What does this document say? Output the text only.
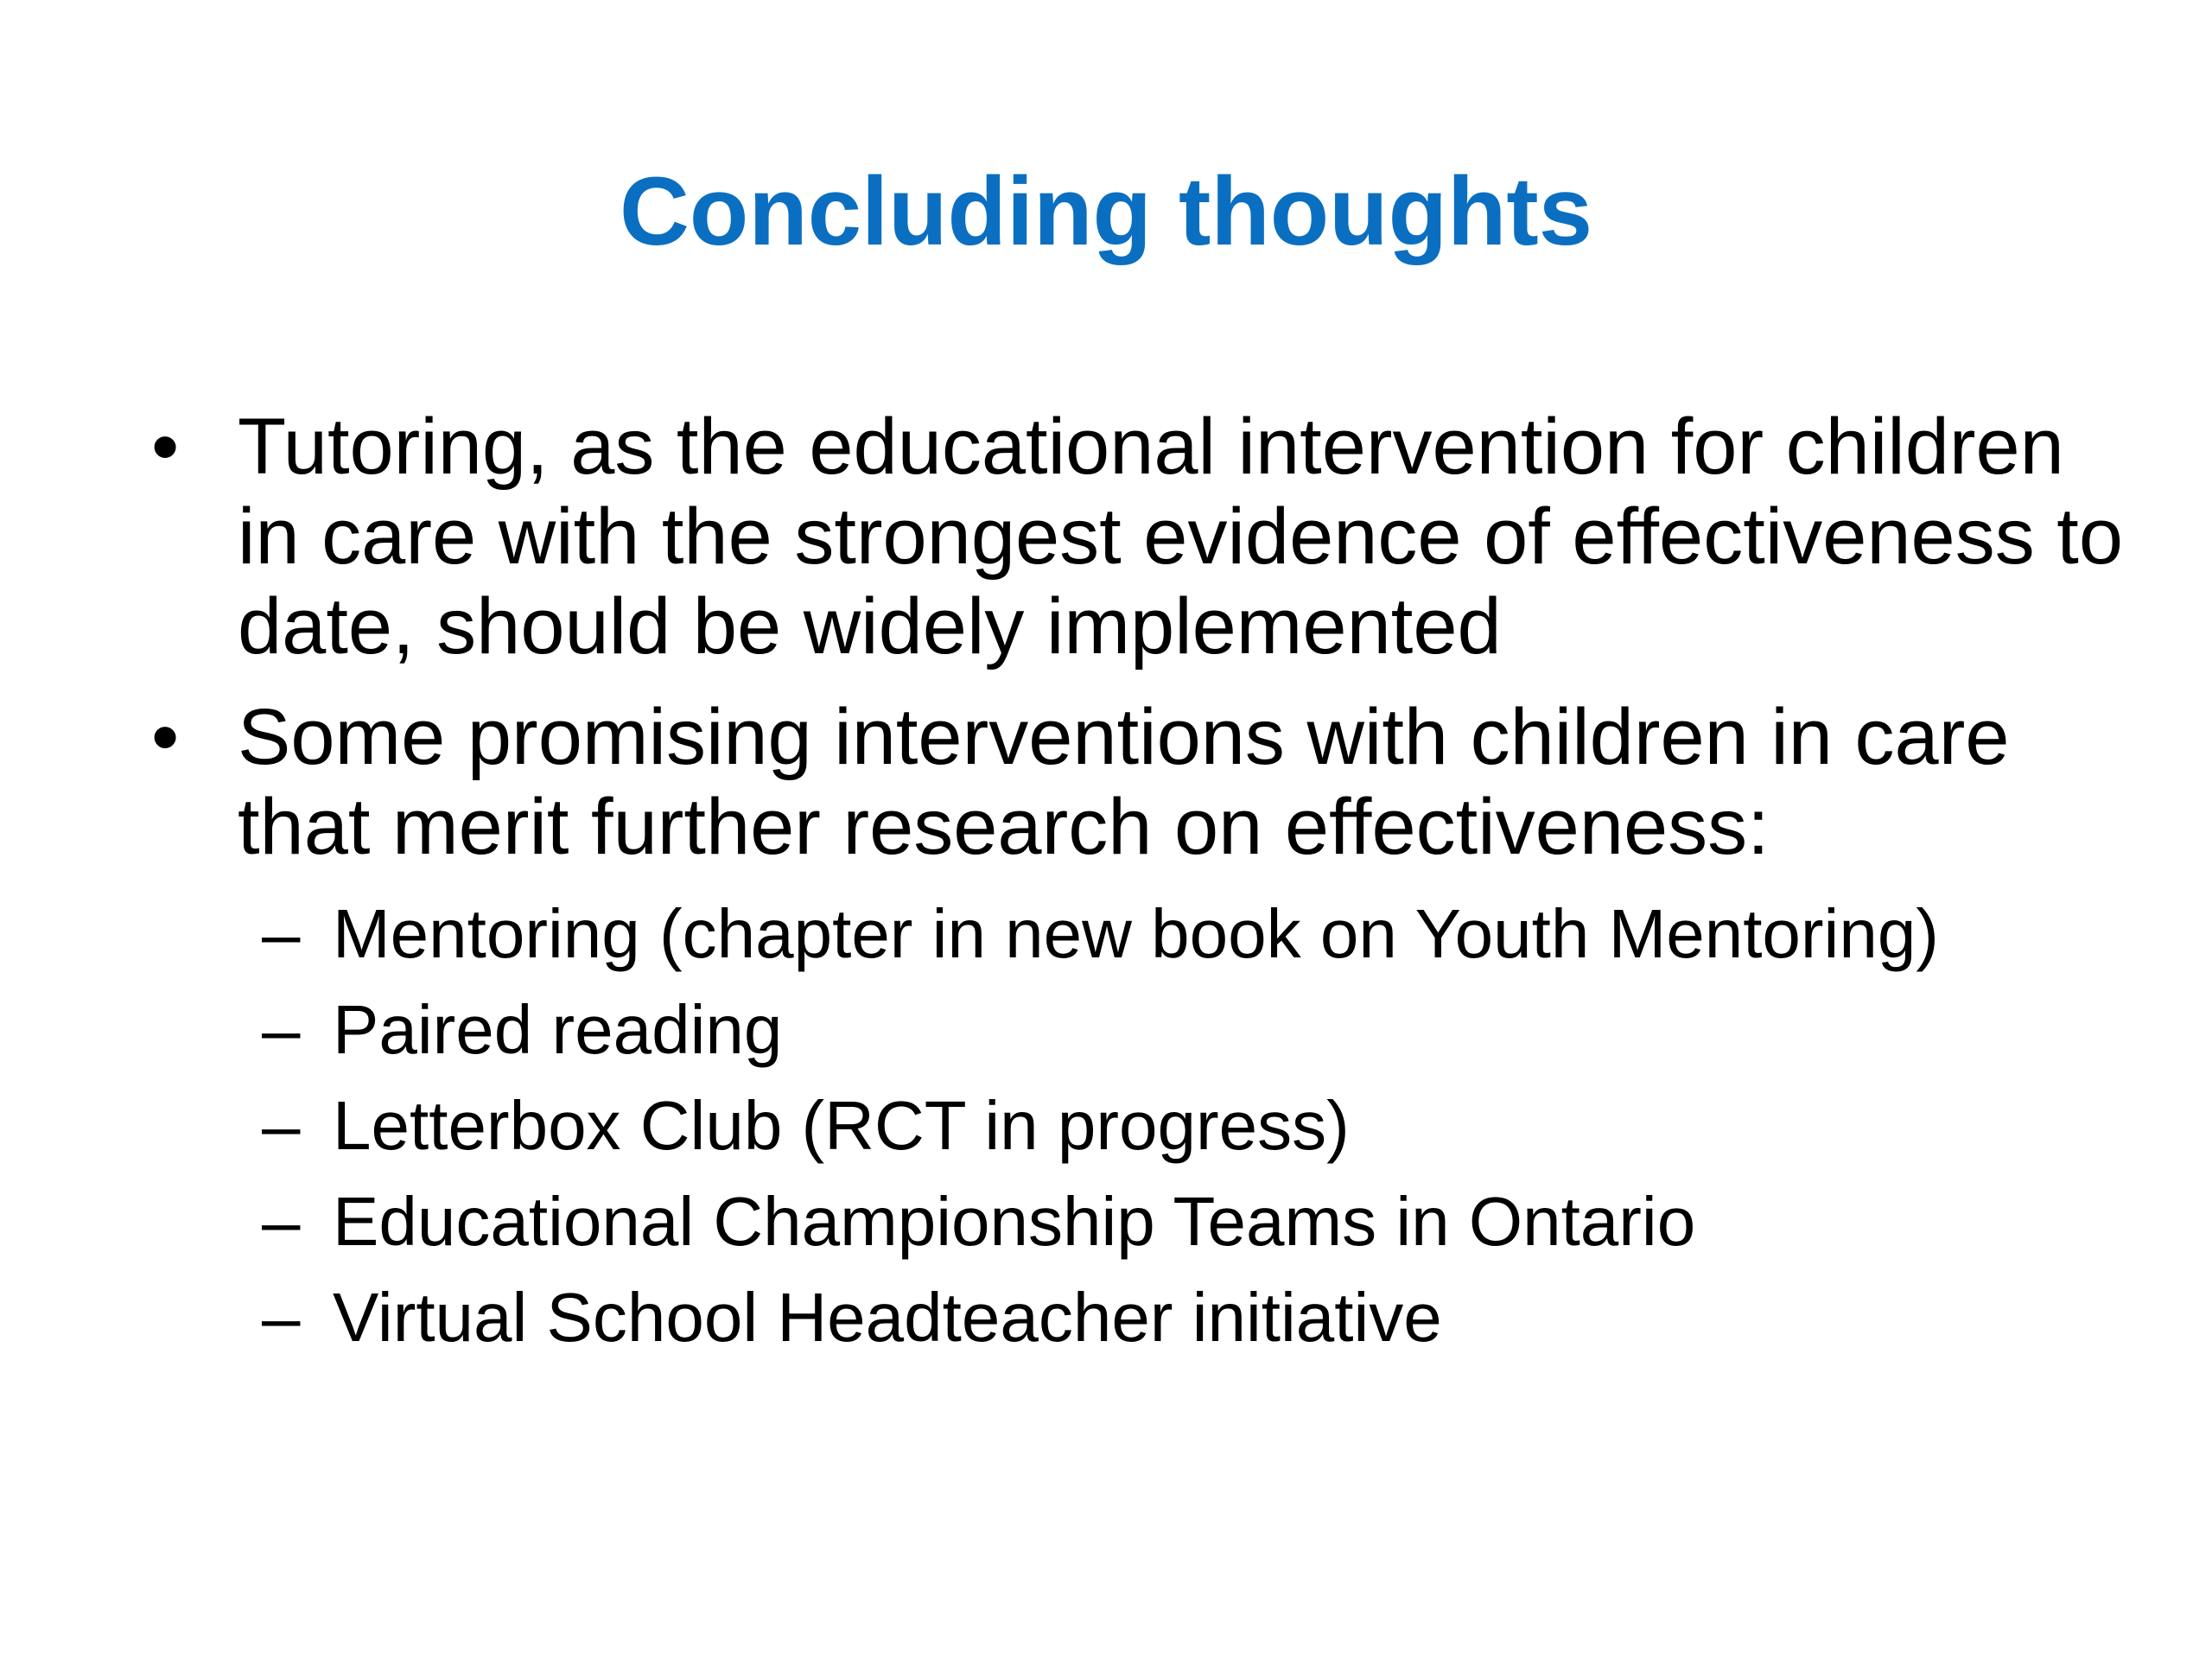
Concluding thoughts
• Tutoring, as the educational intervention for children in care with the strongest evidence of effectiveness to date, should be widely implemented
• Some promising interventions with children in care that merit further research on effectiveness:
– Mentoring (chapter in new book on Youth Mentoring)
– Paired reading
– Letterbox Club (RCT in progress)
– Educational Championship Teams in Ontario
– Virtual School Headteacher initiative
